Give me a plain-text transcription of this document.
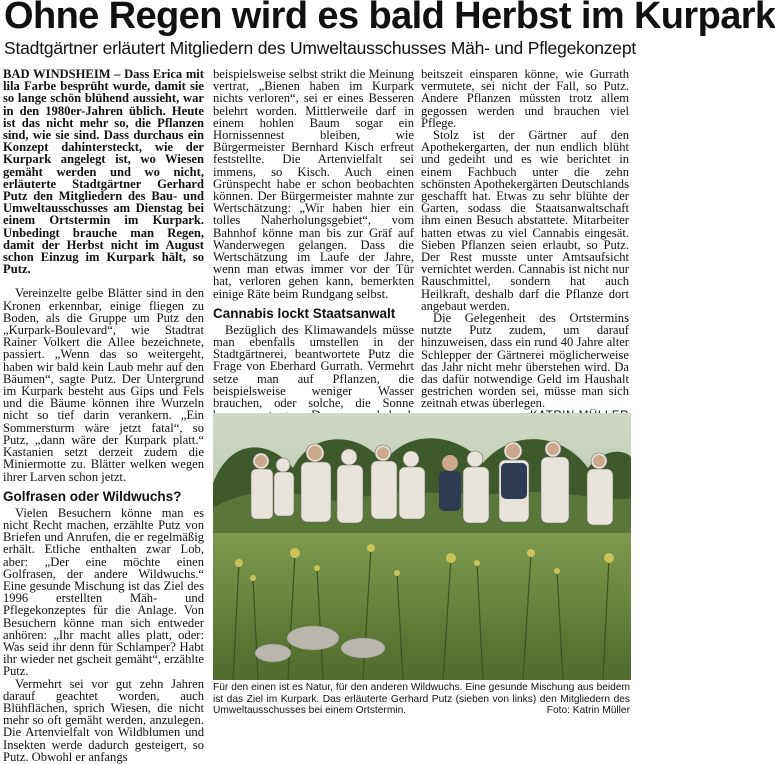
Ohne Regen wird es bald Herbst im Kurpark
Stadtgärtner erläutert Mitgliedern des Umweltausschusses Mäh- und Pflegekonzept

BAD WINDSHEIM – Dass Erica mit lila Farbe besprüht wurde, damit sie so lange schön blühend aussieht, war in den 1980er-Jahren üblich. Heute ist das nicht mehr so, die Pflanzen sind, wie sie sind. Dass durchaus ein Konzept dahintersteckt, wie der Kurpark angelegt ist, wo Wiesen gemäht werden und wo nicht, erläuterte Stadtgärtner Gerhard Putz den Mitgliedern des Bau- und Umweltausschusses am Dienstag bei einem Ortstermin im Kurpark. Unbedingt brauche man Regen, damit der Herbst nicht im August schon Einzug im Kurpark hält, so Putz.

Vereinzelte gelbe Blätter sind in den Kronen erkennbar, einige fliegen zu Boden, als die Gruppe um Putz den „Kurpark-Boulevard“, wie Stadtrat Rainer Volkert die Allee bezeichnete, passiert. „Wenn das so weitergeht, haben wir bald kein Laub mehr auf den Bäumen“, sagte Putz. Der Untergrund im Kurpark besteht aus Gips und Fels und die Bäume können ihre Wurzeln nicht so tief darin verankern. „Ein Sommersturm wäre jetzt fatal“, so Putz, „dann wäre der Kurpark platt.“ Kastanien setzt derzeit zudem die Miniermotte zu. Blätter welken wegen ihrer Larven schon jetzt.

Golfrasen oder Wildwuchs?

Vielen Besuchern könne man es nicht Recht machen, erzählte Putz von Briefen und Anrufen, die er regelmäßig erhält. Etliche enthalten zwar Lob, aber: „Der eine möchte einen Golfrasen, der andere Wildwuchs.“ Eine gesunde Mischung ist das Ziel des 1996 erstellten Mäh- und Pflegekonzeptes für die Anlage. Von Besuchern könne man sich entweder anhören: „Ihr macht alles platt, oder: Was seid ihr denn für Schlamper? Habt ihr wieder net gscheit gemäht“, erzählte Putz.

Vermehrt sei vor gut zehn Jahren darauf geachtet worden, auch Blühflächen, sprich Wiesen, die nicht mehr so oft gemäht werden, anzulegen. Die Artenvielfalt von Wildblumen und Insekten werde dadurch gesteigert, so Putz. Obwohl er anfangs

beispielsweise selbst strikt die Meinung vertrat, „Bienen haben im Kurpark nichts verloren“, sei er eines Besseren belehrt worden. Mittlerweile darf in einem hohlen Baum sogar ein Hornissennest bleiben, wie Bürgermeister Bernhard Kisch erfreut feststellte. Die Artenvielfalt sei immens, so Kisch. Auch einen Grünspecht habe er schon beobachten können. Der Bürgermeister mahnte zur Wertschätzung: „Wir haben hier ein tolles Naherholungsgebiet“, vom Bahnhof könne man bis zur Gräf auf Wanderwegen gelangen. Dass die Wertschätzung im Laufe der Jahre, wenn man etwas immer vor der Tür hat, verloren gehen kann, bemerkten einige Räte beim Rundgang selbst.

Cannabis lockt Staatsanwalt

Bezüglich des Klimawandels müsse man ebenfalls umstellen in der Stadtgärtnerei, beantwortete Putz die Frage von Eberhard Gurrath. Vermehrt setze man auf Pflanzen, die beispielsweise weniger Wasser brauchen, oder solche, die Sonne

beitszeit einsparen könne, wie Gurrath vermutete, sei nicht der Fall, so Putz. Andere Pflanzen müssten trotz allem gegossen werden und brauchen viel Pflege.

Stolz ist der Gärtner auf den Apothekergarten, der nun endlich blüht und gedeiht und es wie berichtet in einem Fachbuch unter die zehn schönsten Apothekergärten Deutschlands geschafft hat. Etwas zu sehr blühte der Garten, sodass die Staatsanwaltschaft ihm einen Besuch abstattete. Mitarbeiter hatten etwas zu viel Cannabis eingesät. Sieben Pflanzen seien erlaubt, so Putz. Der Rest musste unter Amtsaufsicht vernichtet werden. Cannabis ist nicht nur Rauschmittel, sondern hat auch Heilkraft, deshalb darf die Pflanze dort angebaut werden.

Die Gelegenheit des Ortstermins nutzte Putz zudem, um darauf hinzuweisen, dass ein rund 40 Jahre alter Schlepper der Gärtnerei möglicherweise das Jahr nicht mehr überstehen wird. Da das dafür notwendige Geld im Haushalt gestrichen worden sei, müsse man sich zeitnah etwas überlegen.

Für den einen ist es Natur, für den anderen Wildwuchs. Eine gesunde Mischung aus beidem ist das Ziel im Kurpark. Das erläuterte Gerhard Putz (sieben von links) den Mitgliedern des Umweltausschusses bei einem Ortstermin.	Foto: Katrin Müller
